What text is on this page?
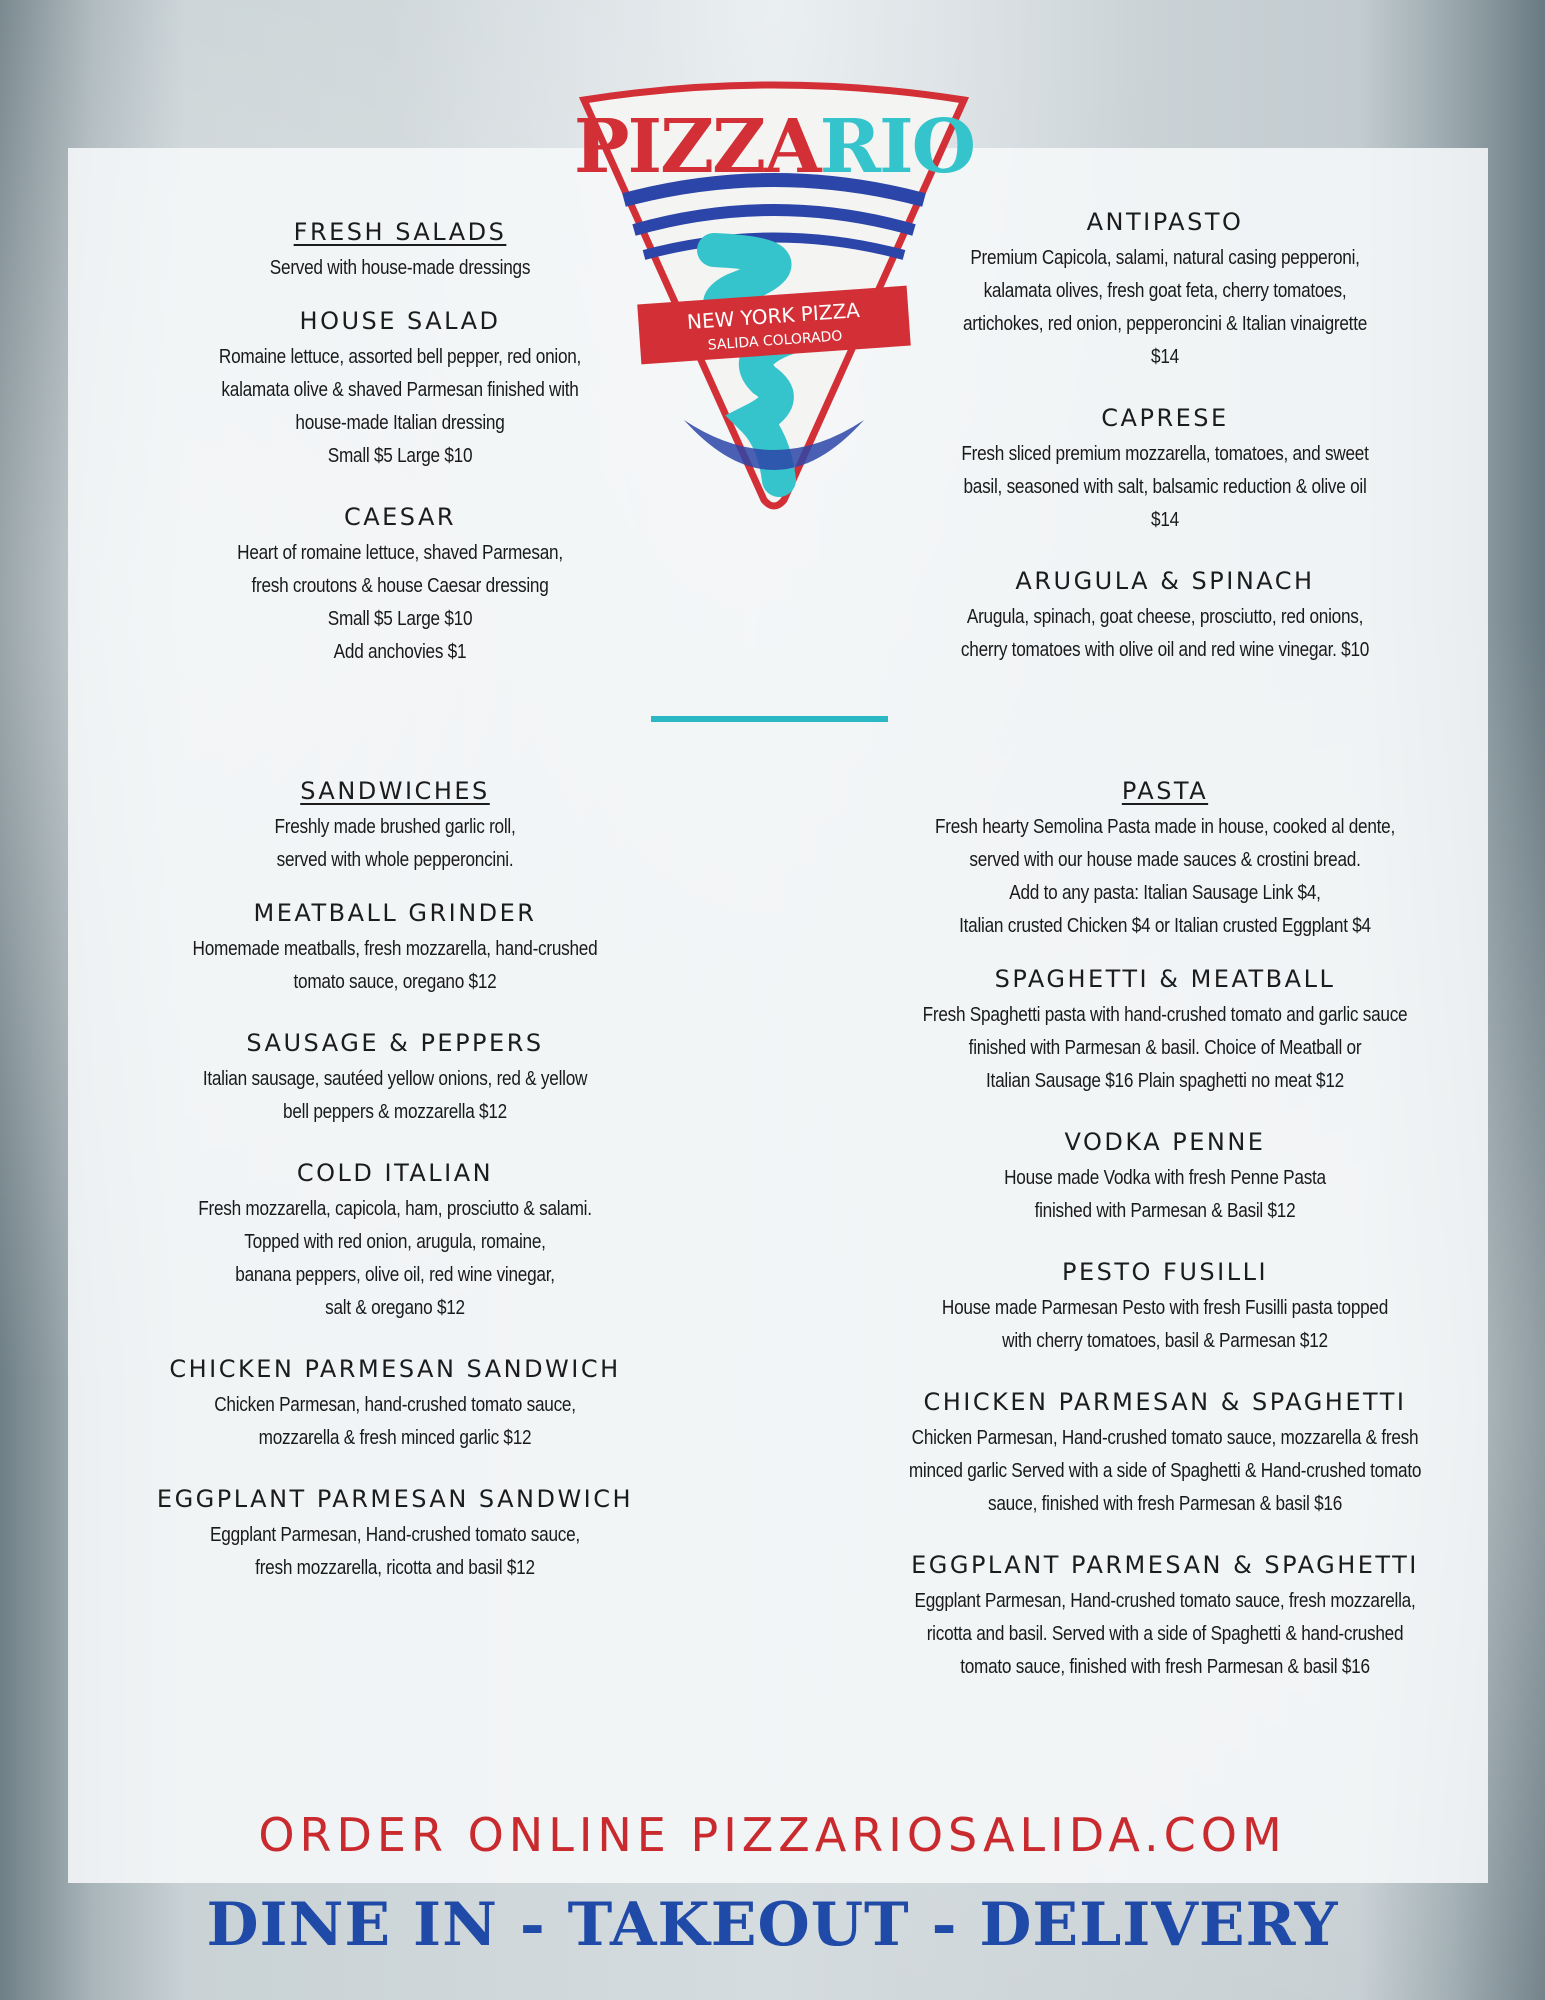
PIZZARIO
NEW YORK PIZZA
SALIDA COLORADO
FRESH SALADS

Served with house-made dressings

HOUSE SALAD

Romaine lettuce, assorted bell pepper, red onion,
kalamata olive & shaved Parmesan finished with
house-made Italian dressing
Small $5 Large $10

CAESAR

Heart of romaine lettuce, shaved Parmesan,
fresh croutons & house Caesar dressing
Small $5 Large $10
Add anchovies $1

ANTIPASTO

Premium Capicola, salami, natural casing pepperoni,
kalamata olives, fresh goat feta, cherry tomatoes,
artichokes, red onion, pepperoncini & Italian vinaigrette
$14

CAPRESE

Fresh sliced premium mozzarella, tomatoes, and sweet
basil, seasoned with salt, balsamic reduction & olive oil
$14

ARUGULA & SPINACH

Arugula, spinach, goat cheese, prosciutto, red onions,
cherry tomatoes with olive oil and red wine vinegar. $10

SANDWICHES

Freshly made brushed garlic roll,
served with whole pepperoncini.

MEATBALL GRINDER

Homemade meatballs, fresh mozzarella, hand-crushed
tomato sauce, oregano $12

SAUSAGE & PEPPERS

Italian sausage, sautéed yellow onions, red & yellow
bell peppers & mozzarella $12

COLD ITALIAN

Fresh mozzarella, capicola, ham, prosciutto & salami.
Topped with red onion, arugula, romaine,
banana peppers, olive oil, red wine vinegar,
salt & oregano $12

CHICKEN PARMESAN SANDWICH

Chicken Parmesan, hand-crushed tomato sauce,
mozzarella & fresh minced garlic $12

EGGPLANT PARMESAN SANDWICH

Eggplant Parmesan, Hand-crushed tomato sauce,
fresh mozzarella, ricotta and basil $12

PASTA

Fresh hearty Semolina Pasta made in house, cooked al dente,
served with our house made sauces & crostini bread.
Add to any pasta: Italian Sausage Link $4,
Italian crusted Chicken $4 or Italian crusted Eggplant $4

SPAGHETTI & MEATBALL

Fresh Spaghetti pasta with hand-crushed tomato and garlic sauce
finished with Parmesan & basil. Choice of Meatball or
Italian Sausage $16 Plain spaghetti no meat $12

VODKA PENNE

House made Vodka with fresh Penne Pasta
finished with Parmesan & Basil $12

PESTO FUSILLI

House made Parmesan Pesto with fresh Fusilli pasta topped
with cherry tomatoes, basil & Parmesan $12

CHICKEN PARMESAN & SPAGHETTI

Chicken Parmesan, Hand-crushed tomato sauce, mozzarella & fresh
minced garlic Served with a side of Spaghetti & Hand-crushed tomato
sauce, finished with fresh Parmesan & basil $16

EGGPLANT PARMESAN & SPAGHETTI

Eggplant Parmesan, Hand-crushed tomato sauce, fresh mozzarella,
ricotta and basil. Served with a side of Spaghetti & hand-crushed
tomato sauce, finished with fresh Parmesan & basil $16

ORDER ONLINE PIZZARIOSALIDA.COM
DINE IN - TAKEOUT - DELIVERY
